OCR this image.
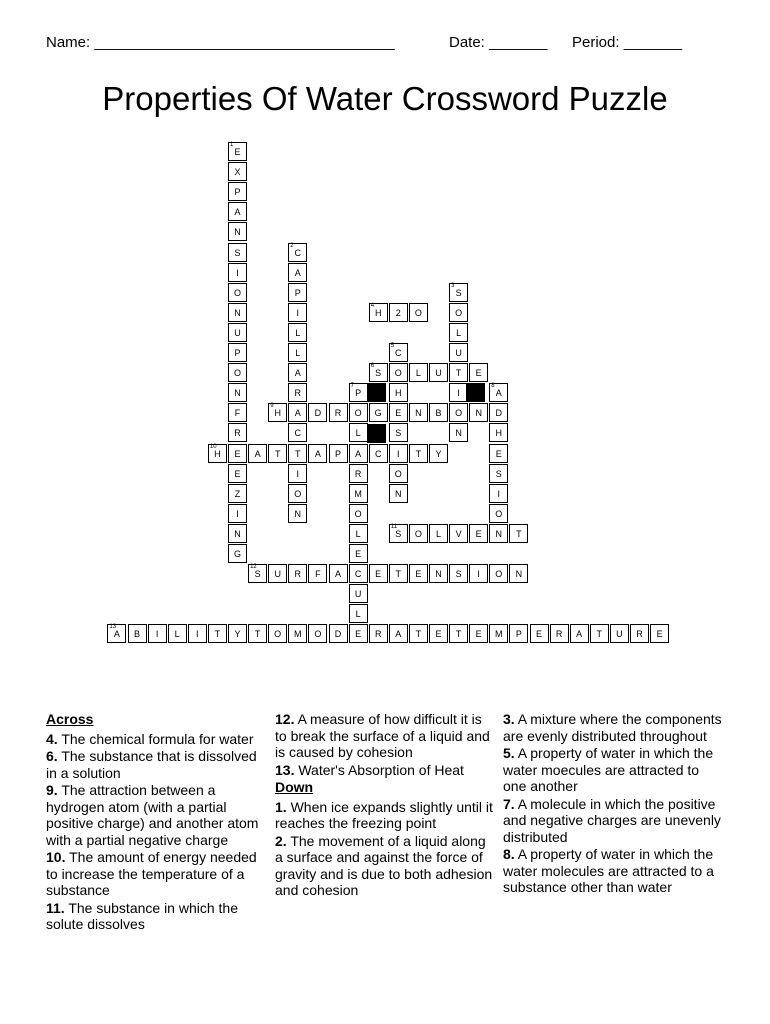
Name: ____________________________________	Date: _______ Period: _______
Properties Of Water Crossword Puzzle
E
1
X
P
A
N
S
I
O
N
U
P
O
N
F
R
E
E
Z
I
N
G
C
2
A
P
I
L
L
A
R
A
C
T
I
O
N
S
3
O
L
U
T
I
O
N
H
4
2	O
C
5
O
H
E
S
I
O
N
S
6
L	U	E
P
7
O
L
A
R
M
O
L
E
C
U
L
E
A
8
D
H
E
S
I
O
N
H
9
D	R	G	N	B	N
H
10
A	T	A	P	C	T	Y
S
11
O	L	V	E	T
S
12
U	R	F	A	E	T	E	N	S	I	O	N
A
13
B	I	L	I	T	Y	T	O	M	O	D	R	A	T	E	T	E	M	P	E	R	A	T	U	R	E

Across

4. The chemical formula for water

6. The substance that is dissolved in a solution

9. The attraction between a hydrogen atom (with a partial positive charge) and another atom with a partial negative charge

10. The amount of energy needed to increase the temperature of a substance

11. The substance in which the solute dissolves

12. A measure of how difficult it is to break the surface of a liquid and is caused by cohesion

13. Water's Absorption of Heat

Down

1. When ice expands slightly until it reaches the freezing point

2. The movement of a liquid along a surface and against the force of gravity and is due to both adhesion and cohesion

3. A mixture where the components are evenly distributed throughout

5. A property of water in which the water moecules are attracted to one another

7. A molecule in which the positive and negative charges are unevenly distributed

8. A property of water in which the water molecules are attracted to a substance other than water
